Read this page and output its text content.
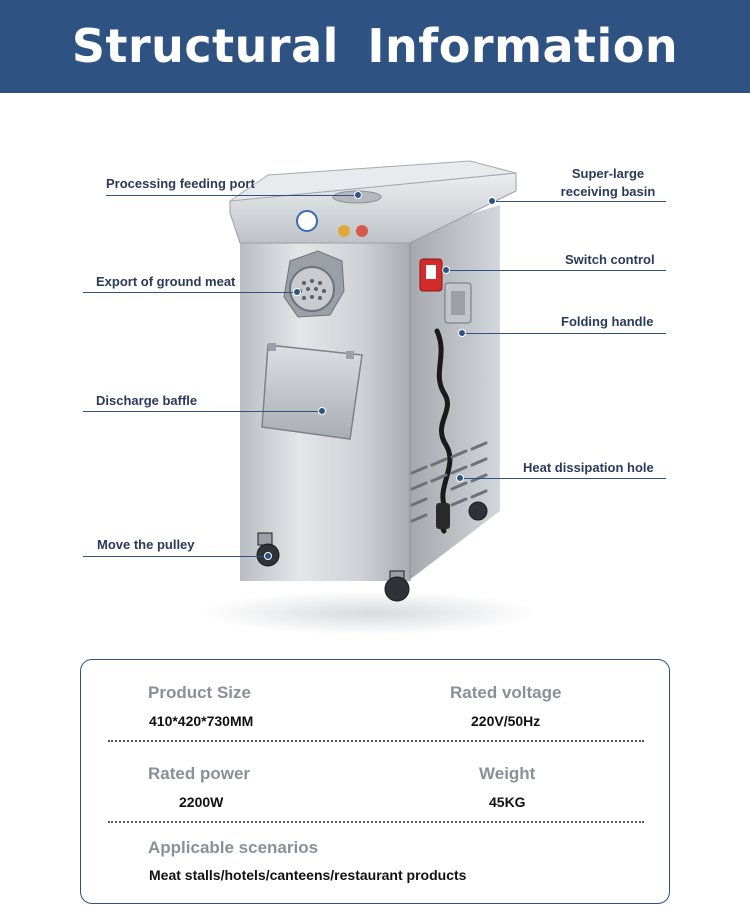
Structural Information
Processing feeding port
Export of ground meat
Discharge baffle
Move the pulley
Super-large
receiving basin
Switch control
Folding handle
Heat dissipation hole
Product Size
410*420*730MM
Rated voltage
220V/50Hz
Rated power
2200W
Weight
45KG
Applicable scenarios
Meat stalls/hotels/canteens/restaurant products
